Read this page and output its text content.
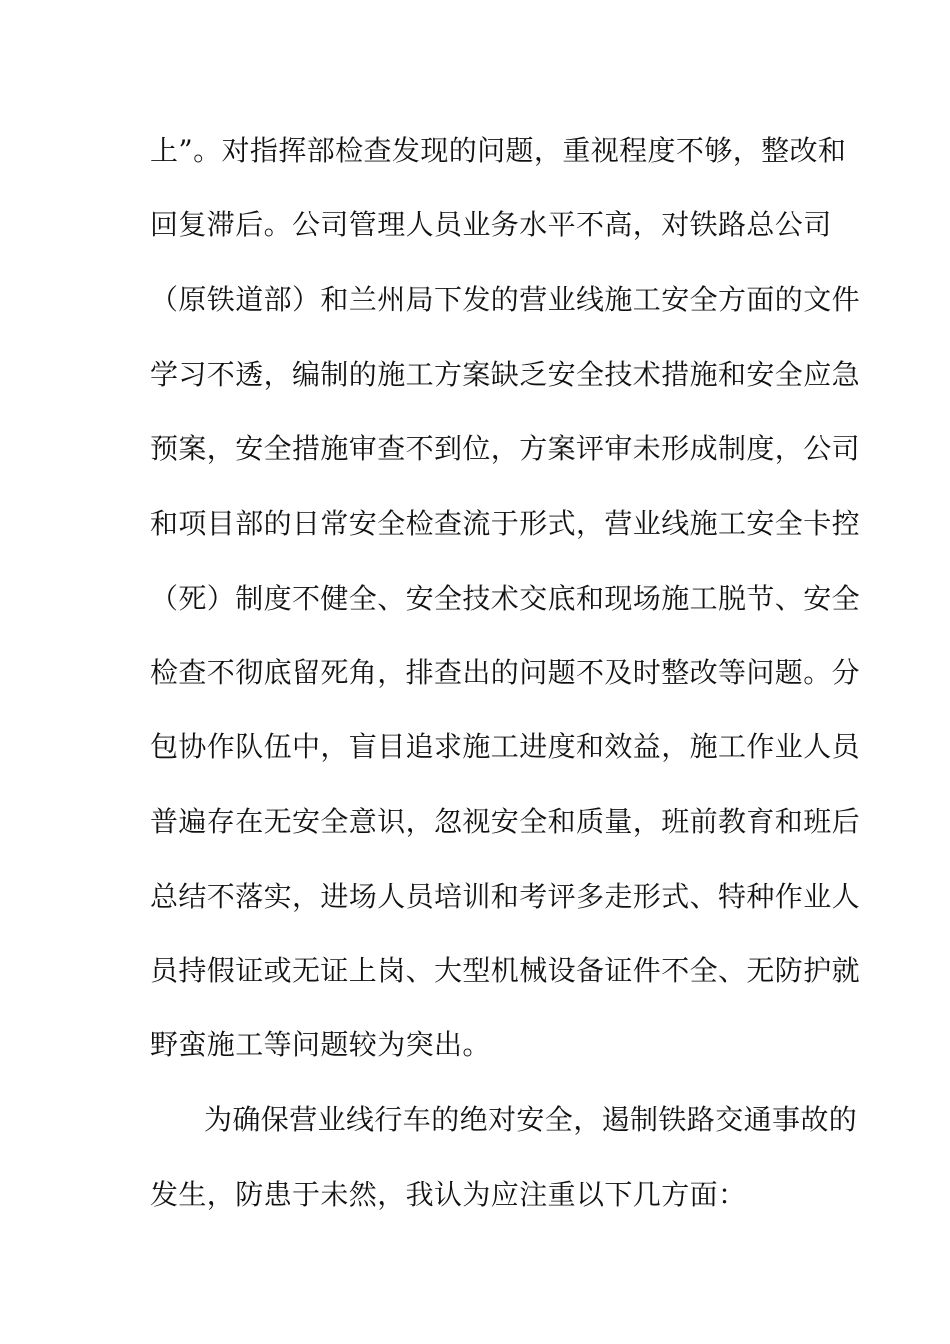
上”。对指挥部检查发现的问题，重视程度不够，整改和
回复滞后。公司管理人员业务水平不高，对铁路总公司
（原铁道部）和兰州局下发的营业线施工安全方面的文件
学习不透，编制的施工方案缺乏安全技术措施和安全应急
预案，安全措施审查不到位，方案评审未形成制度，公司
和项目部的日常安全检查流于形式，营业线施工安全卡控
（死）制度不健全、安全技术交底和现场施工脱节、安全
检查不彻底留死角，排查出的问题不及时整改等问题。分
包协作队伍中，盲目追求施工进度和效益，施工作业人员
普遍存在无安全意识，忽视安全和质量，班前教育和班后
总结不落实，进场人员培训和考评多走形式、特种作业人
员持假证或无证上岗、大型机械设备证件不全、无防护就
野蛮施工等问题较为突出。
为确保营业线行车的绝对安全，遏制铁路交通事故的
发生，防患于未然，我认为应注重以下几方面：
